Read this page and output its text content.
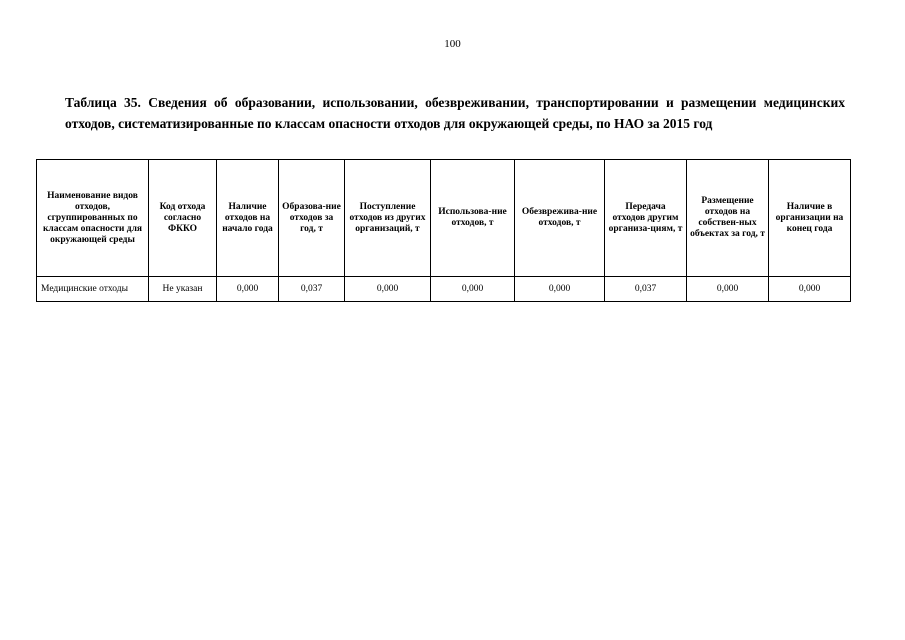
100
Таблица 35. Сведения об образовании, использовании, обезвреживании, транспортировании и размещении медицинских отходов, систематизированные по классам опасности отходов для окружающей среды, по НАО за 2015 год
Наименование видов отходов, сгруппированных по классам опасности для окружающей среды	Код отхода согласно ФККО	Наличие отходов на начало года	Образова-ние отходов за год, т	Поступление отходов из других организаций, т	Использова-ние отходов, т	Обезврежива-ние отходов, т	Передача отходов другим организа-циям, т	Размещение отходов на собствен-ных объектах за год, т	Наличие в организации на конец года
Медицинские отходы	Не указан	0,000	0,037	0,000	0,000	0,000	0,037	0,000	0,000
